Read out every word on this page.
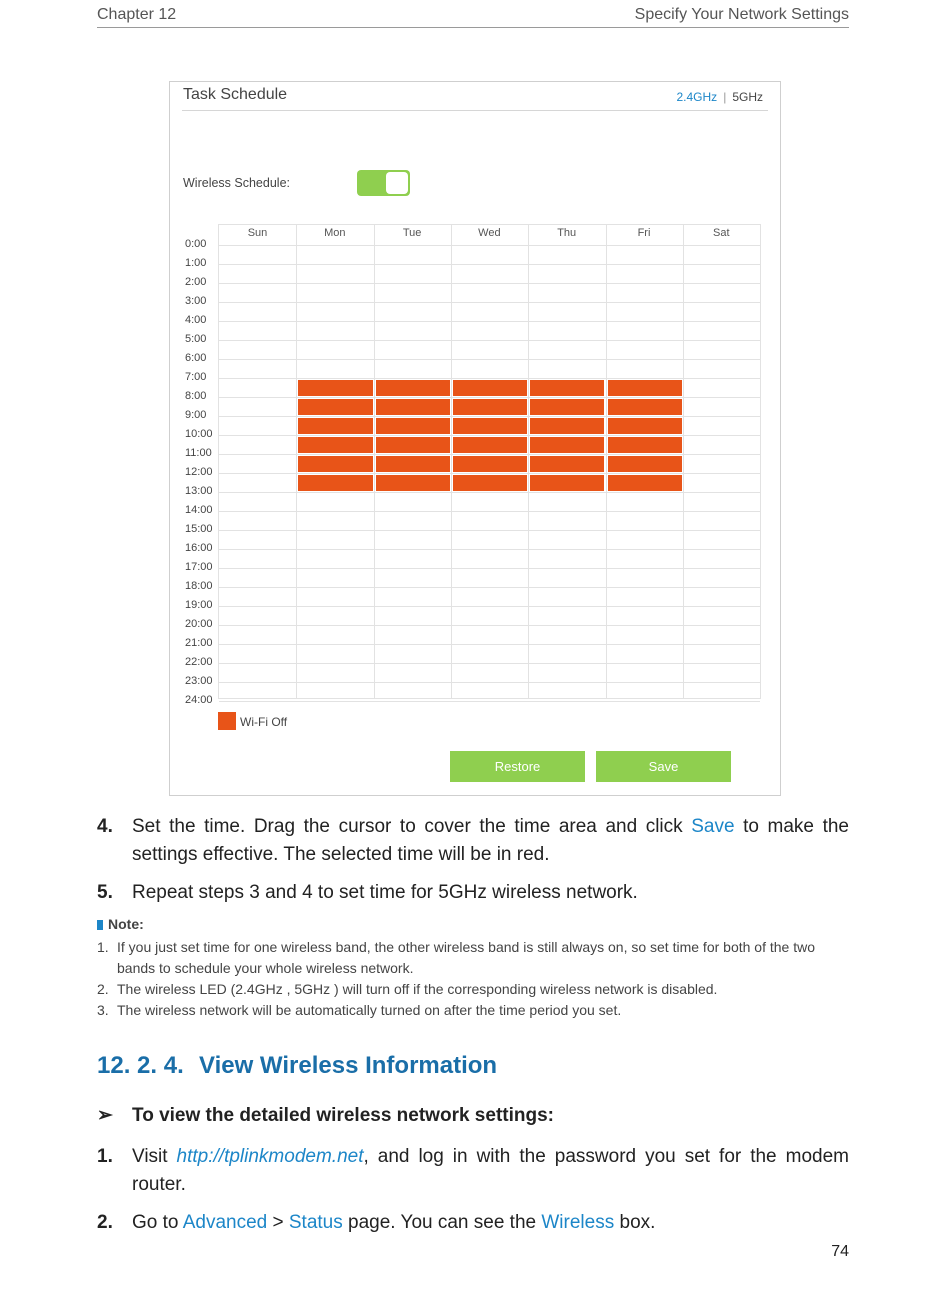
Chapter 12	Specify Your Network Settings
Task Schedule	2.4GHz | 5GHz
Wireless Schedule:
Sun	Mon	Tue	Wed	Thu	Fri	Sat
0:00
1:00
2:00
3:00
4:00
5:00
6:00
7:00
8:00
9:00
10:00
11:00
12:00
13:00
14:00
15:00
16:00
17:00
18:00
19:00
20:00
21:00
22:00
23:00
24:00
Wi-Fi Off
Restore	Save
4. Set the time. Drag the cursor to cover the time area and click Save to make the settings effective. The selected time will be in red.
5. Repeat steps 3 and 4 to set time for 5GHz wireless network.
Note:
1. If you just set time for one wireless band, the other wireless band is still always on, so set time for both of the two bands to schedule your whole wireless network.
2. The wireless LED (2.4GHz , 5GHz ) will turn off if the corresponding wireless network is disabled.
3. The wireless network will be automatically turned on after the time period you set.
12. 2. 4. View Wireless Information
➢ To view the detailed wireless network settings:
1. Visit http://tplinkmodem.net, and log in with the password you set for the modem router.
2. Go to Advanced > Status page. You can see the Wireless box.
74
